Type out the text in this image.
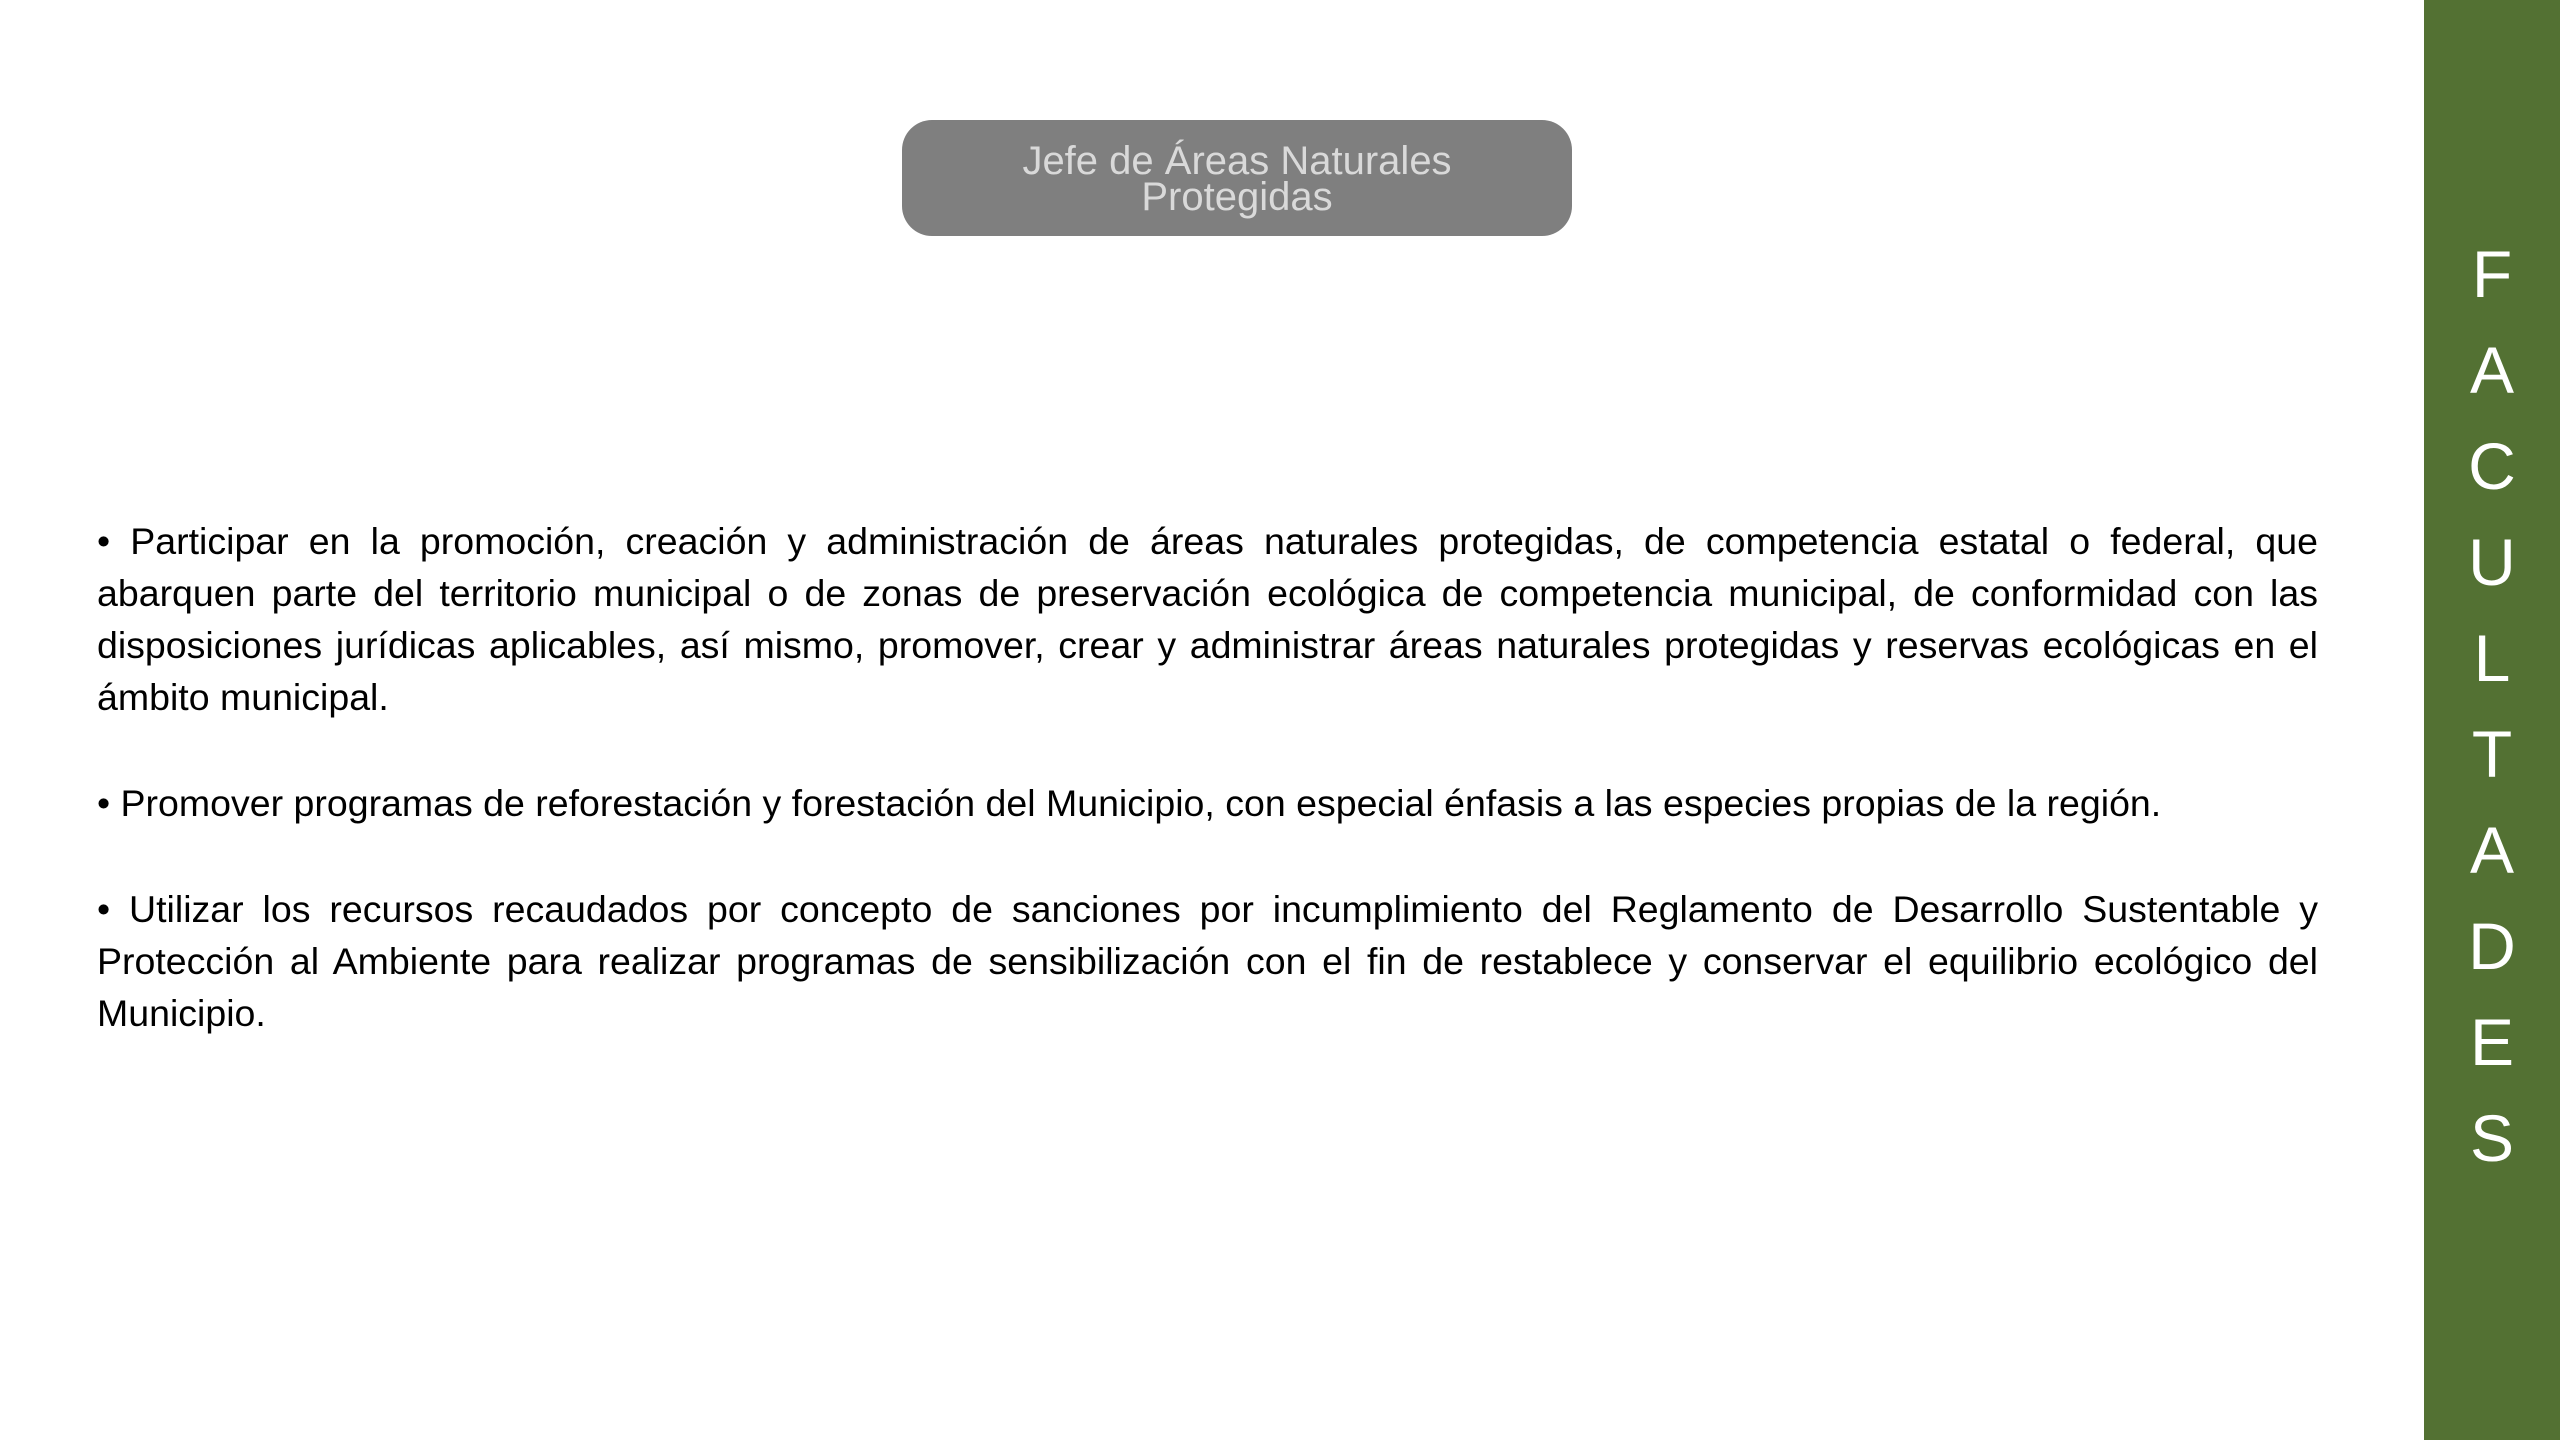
Jefe de Áreas Naturales
Protegidas

• Participar en la promoción, creación y administración de áreas naturales protegidas, de competencia estatal o federal, que abarquen parte del territorio municipal o de zonas de preservación ecológica de competencia municipal, de conformidad con las disposiciones jurídicas aplicables, así mismo, promover, crear y administrar áreas naturales protegidas y reservas ecológicas en el ámbito municipal.

• Promover programas de reforestación y forestación del Municipio, con especial énfasis a las especies propias de la región.

• Utilizar los recursos recaudados por concepto de sanciones por incumplimiento del Reglamento de Desarrollo Sustentable y Protección al Ambiente para realizar programas de sensibilización con el fin de restablece y conservar el equilibrio ecológico del Municipio.

F
A
C
U
L
T
A
D
E
S
